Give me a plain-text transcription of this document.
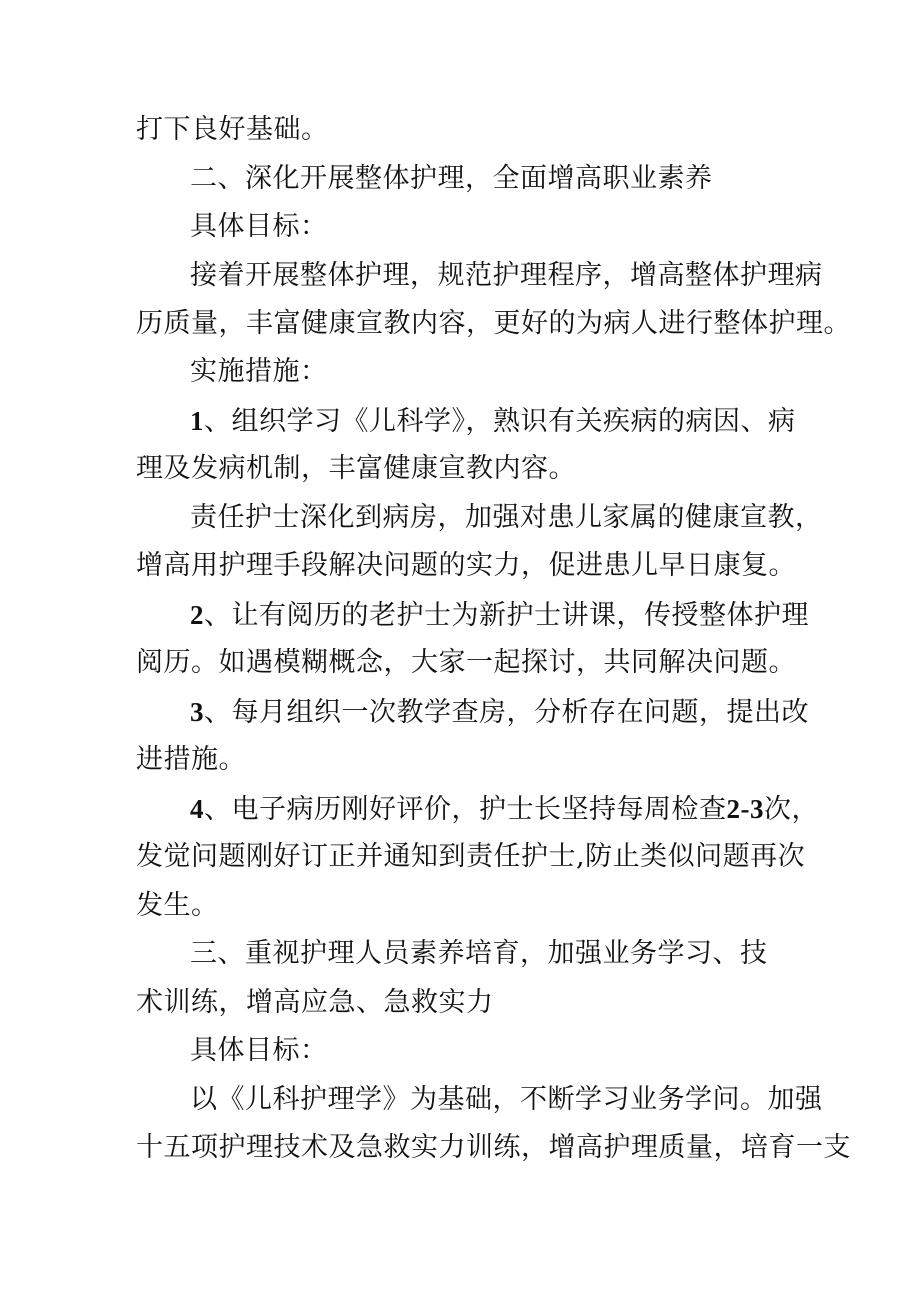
打下良好基础。
二、深化开展整体护理，全面增高职业素养
具体目标：
接着开展整体护理，规范护理程序，增高整体护理病
历质量，丰富健康宣教内容，更好的为病人进行整体护理。
实施措施：
1、组织学习《儿科学》，熟识有关疾病的病因、病
理及发病机制，丰富健康宣教内容。
责任护士深化到病房，加强对患儿家属的健康宣教，
增高用护理手段解决问题的实力，促进患儿早日康复。
2、让有阅历的老护士为新护士讲课，传授整体护理
阅历。如遇模糊概念，大家一起探讨，共同解决问题。
3、每月组织一次教学查房，分析存在问题，提出改
进措施。
4、电子病历刚好评价，护士长坚持每周检查2-3次，
发觉问题刚好订正并通知到责任护士,防止类似问题再次
发生。
三、重视护理人员素养培育，加强业务学习、技
术训练，增高应急、急救实力
具体目标：
以《儿科护理学》为基础，不断学习业务学问。加强
十五项护理技术及急救实力训练，增高护理质量，培育一支
